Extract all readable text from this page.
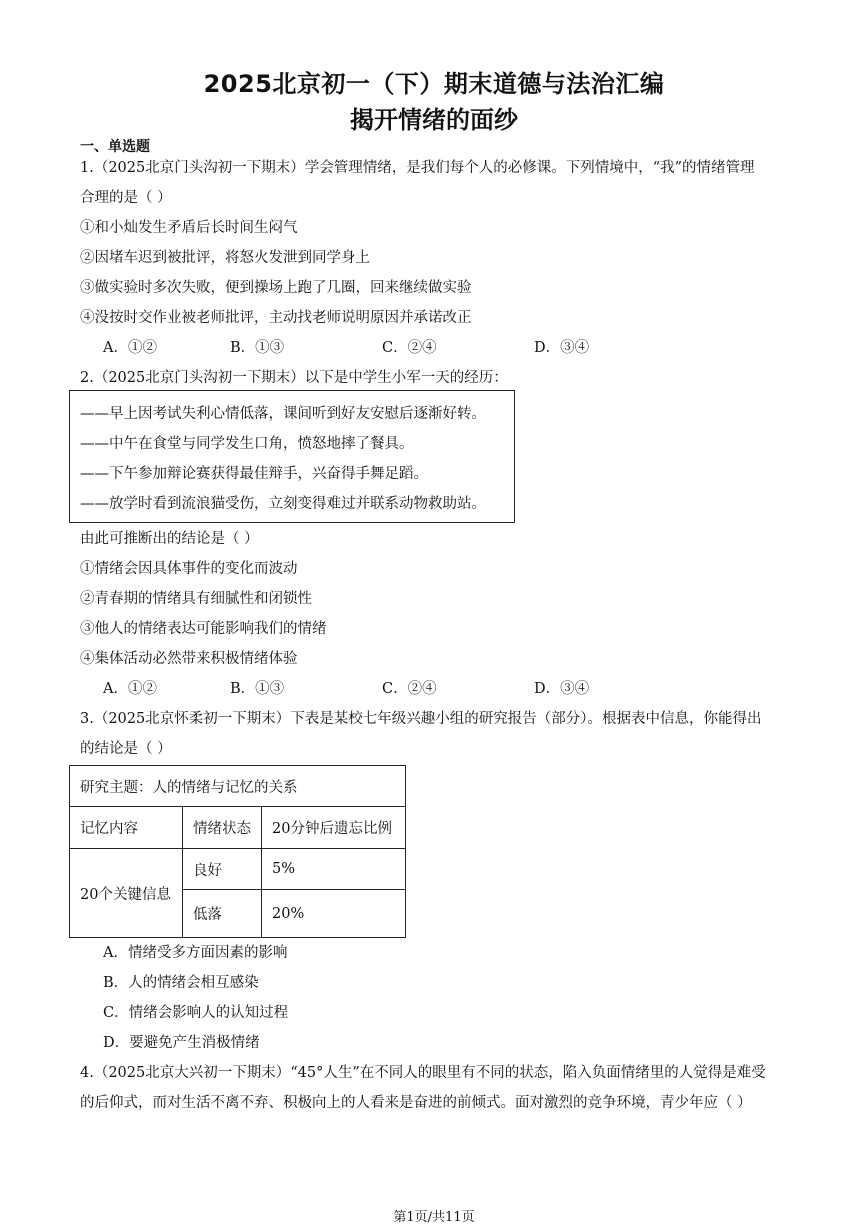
2025北京初一（下）期末道德与法治汇编
揭开情绪的面纱
一、单选题
1.（2025北京门头沟初一下期末）学会管理情绪，是我们每个人的必修课。下列情境中，“我”的情绪管理
合理的是（ ）
①和小灿发生矛盾后长时间生闷气
②因堵车迟到被批评，将怒火发泄到同学身上
③做实验时多次失败，便到操场上跑了几圈，回来继续做实验
④没按时交作业被老师批评，主动找老师说明原因并承诺改正
A．①②	B．①③	C．②④	D．③④
2.（2025北京门头沟初一下期末）以下是中学生小军一天的经历：
——早上因考试失利心情低落，课间听到好友安慰后逐渐好转。
——中午在食堂与同学发生口角，愤怒地摔了餐具。
——下午参加辩论赛获得最佳辩手，兴奋得手舞足蹈。
——放学时看到流浪猫受伤，立刻变得难过并联系动物救助站。
由此可推断出的结论是（ ）
①情绪会因具体事件的变化而波动
②青春期的情绪具有细腻性和闭锁性
③他人的情绪表达可能影响我们的情绪
④集体活动必然带来积极情绪体验
A．①②	B．①③	C．②④	D．③④
3.（2025北京怀柔初一下期末）下表是某校七年级兴趣小组的研究报告（部分）。根据表中信息，你能得出
的结论是（ ）
研究主题：人的情绪与记忆的关系		
记忆内容	情绪状态	20分钟后遗忘比例
20个关键信息	良好	5%
	低落	20%
A．情绪受多方面因素的影响
B．人的情绪会相互感染
C．情绪会影响人的认知过程
D．要避免产生消极情绪
4.（2025北京大兴初一下期末）“45°人生”在不同人的眼里有不同的状态，陷入负面情绪里的人觉得是难受
的后仰式，而对生活不离不弃、积极向上的人看来是奋进的前倾式。面对激烈的竞争环境，青少年应（ ）
第1页/共11页
